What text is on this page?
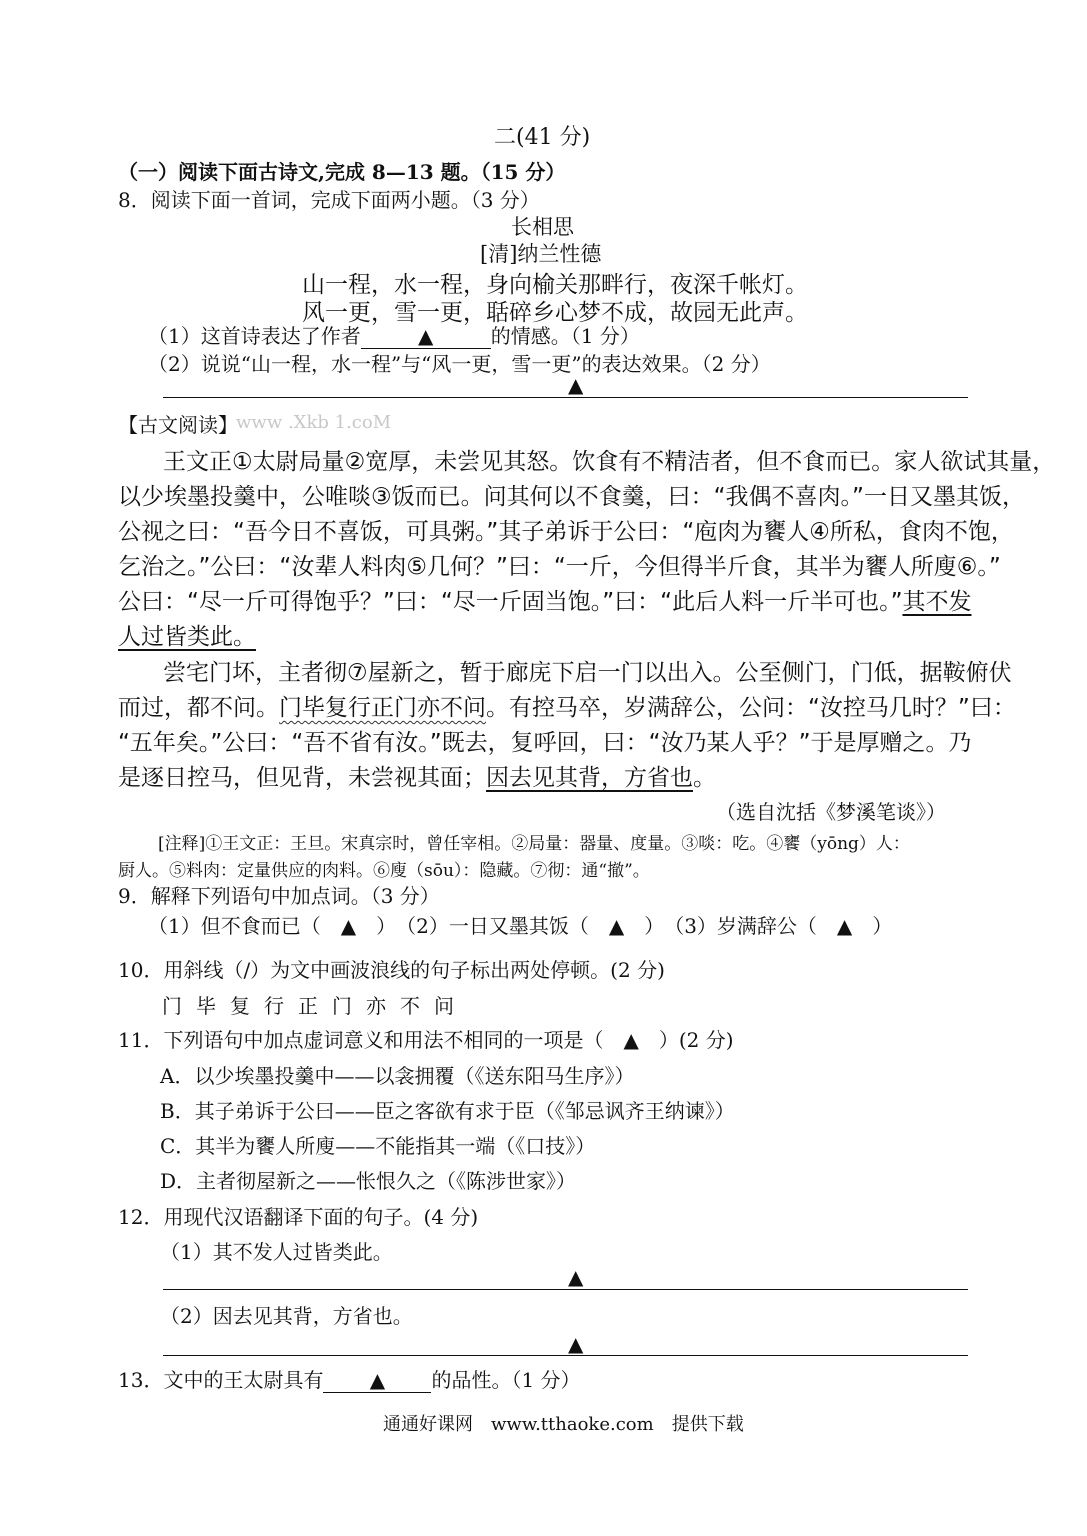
二(41 分)
（一）阅读下面古诗文,完成 8—13 题。（15 分）
8．阅读下面一首词，完成下面两小题。（3 分）
长相思
[清]纳兰性德
山一程，水一程，身向榆关那畔行，夜深千帐灯。
风一更，雪一更，聒碎乡心梦不成，故园无此声。
（1）这首诗表达了作者	▲	的情感。（1 分）
（2）说说“山一程，水一程”与“风一更，雪一更”的表达效果。（2 分）
▲
【古文阅读】
www .Xkb 1.coM
王文正①太尉局量②宽厚，未尝见其怒。饮食有不精洁者，但不食而已。家人欲试其量，
以少埃墨投羹中，公唯啖③饭而已。问其何以不食羹，曰：“我偶不喜肉。”一日又墨其饭，
公视之曰：“吾今日不喜饭，可具粥。”其子弟诉于公曰：“庖肉为饔人④所私，食肉不饱，
乞治之。”公曰：“汝辈人料肉⑤几何？”曰：“一斤，今但得半斤食，其半为饔人所廋⑥。”
公曰：“尽一斤可得饱乎？”曰：“尽一斤固当饱。”曰：“此后人料一斤半可也。”其不发
人过皆类此。
尝宅门坏，主者彻⑦屋新之，暂于廊庑下启一门以出入。公至侧门，门低，据鞍俯伏
而过，都不问。门毕复行正门亦不问。有控马卒，岁满辞公，公问：“汝控马几时？”曰：
“五年矣。”公曰：“吾不省有汝。”既去，复呼回，曰：“汝乃某人乎？”于是厚赠之。乃
是逐日控马，但见背，未尝视其面；因去见其背，方省也。
（选自沈括《梦溪笔谈》）
[注释]①王文正：王旦。宋真宗时，曾任宰相。②局量：器量、度量。③啖：吃。④饔（yōng）人：
厨人。⑤料肉：定量供应的肉料。⑥廋（sōu）：隐藏。⑦彻：通“撤”。
9．解释下列语句中加点词。（3 分）
（1）但不食而已（　▲　）　（2）一日又墨其饭（　▲　）　（3）岁满辞公（　▲　）
10．用斜线（/）为文中画波浪线的句子标出两处停顿。(2 分)
门毕复行正门亦不问
11．下列语句中加点虚词意义和用法不相同的一项是（　▲　）(2 分)
A．以少埃墨投羹中——以衾拥覆（《送东阳马生序》）
B．其子弟诉于公曰——臣之客欲有求于臣（《邹忌讽齐王纳谏》）
C．其半为饔人所廋——不能指其一端（《口技》）
D．主者彻屋新之——怅恨久之（《陈涉世家》）
12．用现代汉语翻译下面的句子。(4 分)
（1）其不发人过皆类此。
▲
（2）因去见其背，方省也。
▲
13．文中的王太尉具有 ▲ 的品性。（1 分）
通通好课网　www.tthaoke.com　提供下载
